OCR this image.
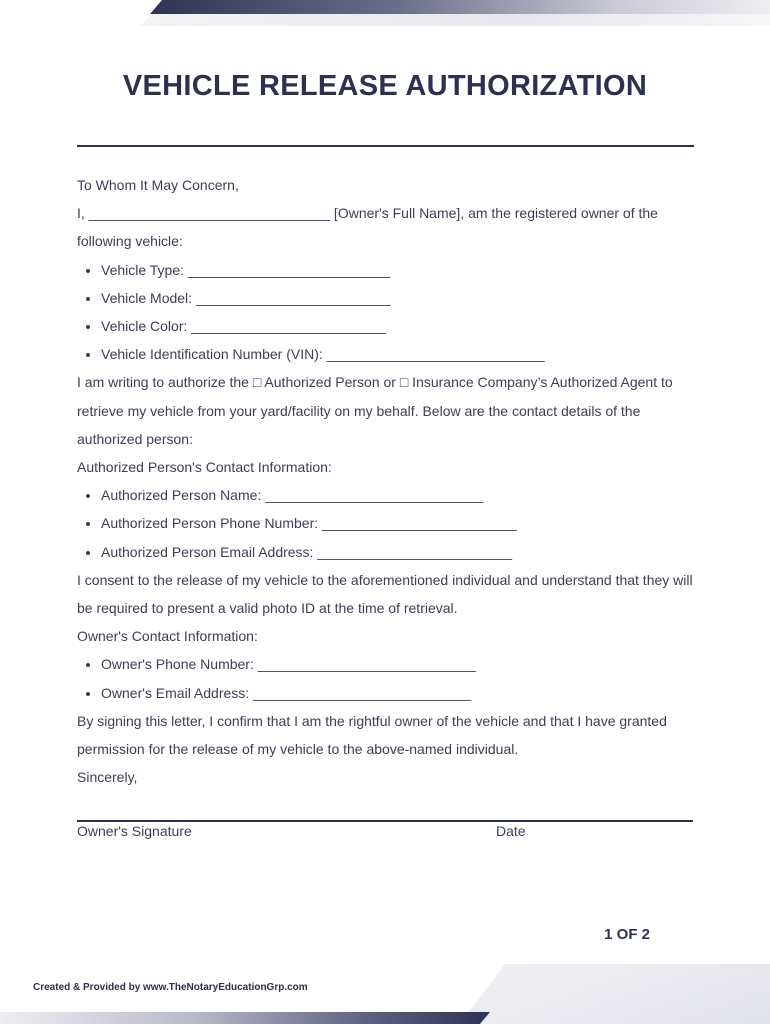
VEHICLE RELEASE AUTHORIZATION

To Whom It May Concern,

I, _______________________________ [Owner's Full Name], am the registered owner of the following vehicle:

• Vehicle Type: __________________________
• Vehicle Model: _________________________
• Vehicle Color: _________________________
• Vehicle Identification Number (VIN): ____________________________

I am writing to authorize the □ Authorized Person or □ Insurance Company’s Authorized Agent to retrieve my vehicle from your yard/facility on my behalf. Below are the contact details of the authorized person:

Authorized Person's Contact Information:

• Authorized Person Name: ____________________________
• Authorized Person Phone Number: _________________________
• Authorized Person Email Address: _________________________

I consent to the release of my vehicle to the aforementioned individual and understand that they will be required to present a valid photo ID at the time of retrieval.

Owner's Contact Information:

• Owner's Phone Number: ____________________________
• Owner's Email Address: ____________________________

By signing this letter, I confirm that I am the rightful owner of the vehicle and that I have granted permission for the release of my vehicle to the above-named individual.

Sincerely,

Owner's Signature	Date
1 OF 2
Created & Provided by www.TheNotaryEducationGrp.com
